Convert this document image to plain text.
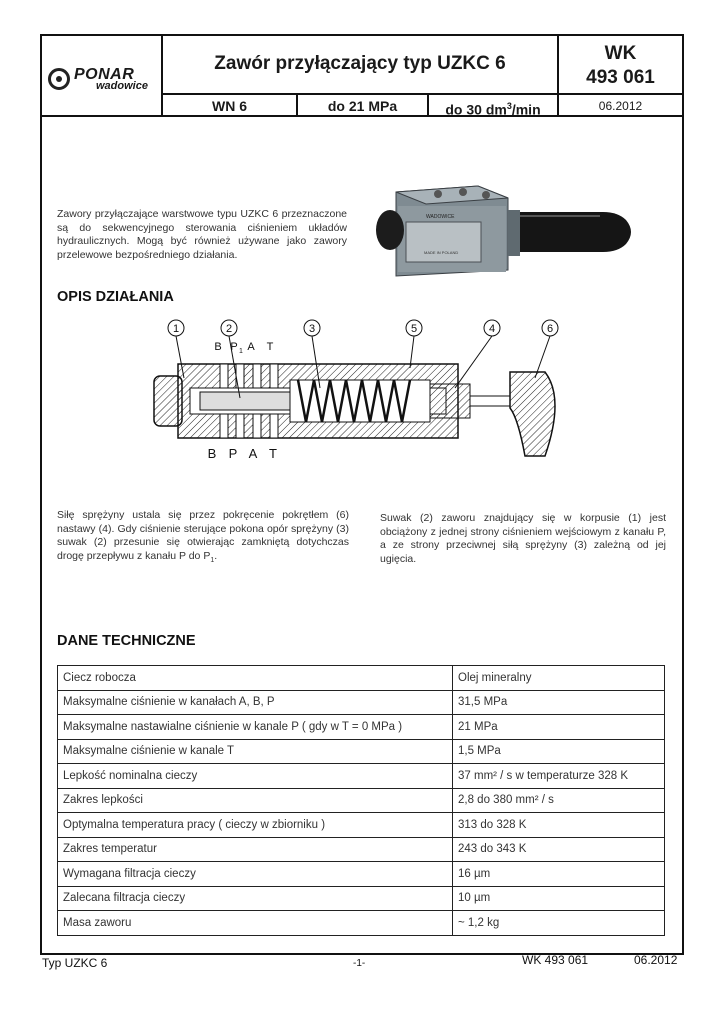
PONAR
wadowice
Zawór przyłączający typ UZKC 6	WK
493 061
WN 6	do 21 MPa	do 30 $dm^3/\min$	06.2012
Zawory przyłączające warstwowe typu UZKC 6 przeznaczone są do sekwencyjnego sterowania ciśnieniem układów hydraulicznych. Mogą być również używane jako zawory przelewowe bezpośredniego działania.
WADOWICE
MADE IN POLAND
OPIS DZIAŁANIA
1	2	3	5	4	6
B P 1 A T
B P A T
Siłę sprężyny ustala się przez pokręcenie pokrętłem (6) nastawy (4). Gdy ciśnienie sterujące pokona opór sprężyny (3) suwak (2) przesunie się otwierając zamkniętą dotychczas drogę przepływu z kanału P do $P_1$.
Suwak (2) zaworu znajdujący się w korpusie (1) jest obciążony z jednej strony ciśnieniem wejściowym z kanału P, a ze strony przeciwnej siłą sprężyny (3) zależną od jej ugięcia.
DANE TECHNICZNE
Ciecz robocza	Olej mineralny
Maksymalne ciśnienie w kanałach A, B, P	31,5 MPa
Maksymalne nastawialne ciśnienie w kanale P ( gdy w T = 0 MPa )	21 MPa
Maksymalne ciśnienie w kanale T	1,5 MPa
Lepkość nominalna cieczy	37 mm² / s w temperaturze 328 K
Zakres lepkości	2,8 do 380 mm² / s
Optymalna temperatura pracy ( cieczy w zbiorniku )	313 do 328 K
Zakres temperatur	243 do 343 K
Wymagana filtracja cieczy	16 µm
Zalecana filtracja cieczy	10 µm
Masa zaworu	~ 1,2 kg
Typ UZKC 6	-1-	WK 493 061	06.2012
